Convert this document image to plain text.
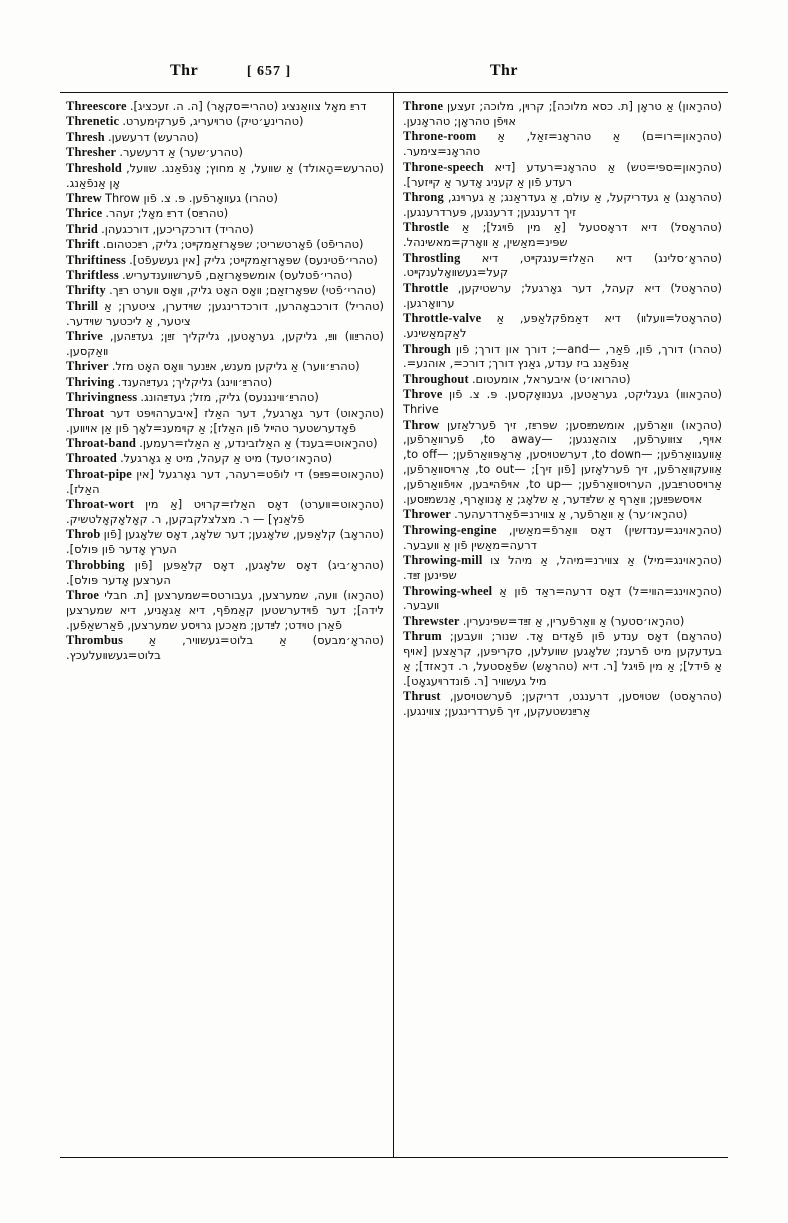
Thr	[ 657 ]	Thr
Threescore דרײַ מאָל צוואַנציג (טהרי=סקאָר) [ה. ה. זעכציג].
Threnetic (טהרינעַ׳טיק) טרױעריג, פֿערקימערט.
Thresh (טהרעש) דרעשען.
Thresher (טהרע׳שער) אַ דרעשער.
Threshold (טהרעש=הָאולד) אַ שװעל, אַ מחוץ; אָנפֿאַנג. שװעל, אָן אַנפֿאַנג.
Threw (טהרו) געװאָרפֿען. פּ. צ. פֿון Throw
Thrice (טהרײַס) דרײַ מאָל; זעהר.
Thrid (טהריד) דורכקריכען, דורכגעהן.
Thrift (טהריפֿט) פֿאָרטשריט; שפּאָרזאַמקײט; גליק, רײַכטהום.
Thriftiness (טהרי׳פֿטינעס) שפּאָרזאַמקײט; גליק [אין געשעפֿט].
Thriftless (טהרי׳פֿטלעס) אומשפּאָרזאַם, פֿערשװענדעריש.
Thrifty (טהרי׳פֿטי) שפּאָרזאַם; װאָס האָט גליק, װאָס װערט רײַך.
Thrill (טהריל) דורכבאָהרען, דורכדרינגען; שױדערן, ציטערן; אַ ציטער, אַ ליכטער שױדער.
Thrive (טהרײַװ) װײַ, גליקען, געראָטען, גליקליך זײַן; געדײַהען, װאַקסען.
Thriver (טהרײַ׳װער) אַ גליקען מענש, אײַנער װאָס האָט מזל.
Thriving (טהרײַ׳װינג) גליקליך; געדײַהענד.
Thrivingness (טהרײַ׳װינגנעס) גליק, מזל; געדײַהונג.
Throat (טהרָאוט) דער גאָרגעל, דער האַלז [איבערהױפּט דער פֿאָדערשטער טהײל פֿון האַלז]; אַ קױמענ=לאָך פֿון אַן אױװען.
Throat-band (טהרָאוט=בענד) אַ האַלזבינדע, אַ האַלז=רעמען.
Throated (טהרָאו׳טעד) מיט אַ קעהל, מיט אַ גאָרגעל.
Throat-pipe (טהרָאוט=פּײַפּ) די לופֿט=רעהר, דער גאָרגעל [אין האַלז].
Throat-wort (טהרָאוט=װערט) דאָס האַלז=קרױט [אַ מין פֿלאַנץ] — ר. מצלצלקבקען, ר. קאָלאָקאָלטשיק.
Throb (טהראָב) קלאַפּען, שלאָגען; דער שלאָג, דאָס שלאָגען [פֿון הערץ אָדער פֿון פּולס].
Throbbing (טהראָ׳ביג) דאָס שלאָגען, דאָס קלאַפּען [פֿון הערצען אָדער פּולס].
Throe (טהרָאו) װעה, שמערצען, געבורטס=שמערצען [ת. חבלי לידה]; דער פֿױדערשטען קאַמפֿף, דיא אַגאָניע, דיא שמערצען פֿאַרן טױדט; לײַדען; מאַכען גרױסע שמערצען, פֿאַרשאַפֿען.
Thrombus (טהראָ׳מבעס) אַ בלוט=געשװיר, אַ בלוט=געשװעלעכץ.
Throne (טהרָאון) אַ טראָן [ת. כסא מלוכה]; קרױן, מלוכה; זעצען אױפֿן טהראָן; טהראָנען.
Throne-room (טהרָאון=רו=ם) אַ טהראָנ=זאַל, אַ טהראָנ=צימער.
Throne-speech (טהרָאון=ספּי=טש) אַ טהראָנ=רעדע [דיא רעדע פֿון אַ קעניג אָדער אַ קײזער].
Throng (טהראָנג) אַ געדריקעל, אַ עולם, אַ געדראַנג; אַ גערױנג, זיך דרענגען; דרענגען, פּערדרענגען.
Throstle (טהראָסל) דיא דראָסטעל [אַ מין פֿױגל]; אַ שפּינ=מאַשין, אַ װאָרק=מאשינהל.
Throstling (טהראָ׳סלינג) דיא האַלז=ענגקײט, דיא קעל=געשװאָלענקײט.
Throttle (טהראָטל) דיא קעהל, דער גאָרגעל; ערשטיקען, ערװאָרגען.
Throttle-valve (טהראָטל=װעלװ) דיא דאַמפֿקלאַפּע, אַ לאַקמאַשינע.
Through (טהרו) דורך, פֿון, פֿאַר, —and—; דורך און דורך; פֿון אַנפֿאַנג ביז ענדע, גאַנץ דורך; דורכ=, אוהנע=.
Throughout (טהרואו׳ט) איבעראל, אומעטום.
Throve (טהרָאוװ) געגליקט, געראַטען, גענװאָקסען. פּ. צ. פֿון Thrive
Throw (טהרָאו) װאַרפֿען, אומשמײַסען; שפּרײַז, זיך פֿערלאַזען אױף, צוּװערפֿען, צוהאַנגען; —to away, פֿערװאַרפֿען, אַװעגװאַרפֿען; —to down, דערשטױסען, אַראָפּװאַרפֿען; —to off, אַװעקװאַרפֿען, זיך פֿערלאָזען [פֿון זיך]; —to out, אַרױסװאַרפֿען, אַרױסטרײַבען, הערױסװאַרפֿען; —to up, אױפֿהײבען, אױפֿװאַרפֿען, אױסשפּײַען; װאַרף אַ שלײַדער, אַ שלאָג; אַ אָנװאָרף, אַנשמײַסען.
Thrower (טהרָאו׳ער) אַ װאַרפֿער, אַ צװירנ=פֿאַרדרעהער.
Throwing-engine (טהרָאוינג=ענדזשין) דאָס װאַרפֿ=מאַשין, דרעה=מאַשין פֿון אַ װעבער.
Throwing-mill (טהרָאוינג=מיל) אַ צװירנ=מיהל, אַ מיהל צו שפּינען זײַד.
Throwing-wheel (טהרָאוינג=הװי=ל) דאָס דרעה=ראַד פֿון אַ װעבער.
Threwster (טהרָאו׳סטער) אַ װאַרפֿערין, אַ זײַד=שפּינערין.
Thrum (טהראָם) דאָס ענדע פֿון פֿאָדים אָד. שנור; װעבען; בעדעקען מיט פֿרענז; שלאָגען שװעלען, סקריפּען, קראַצען [אױף אַ פֿידל]; אַ מין פֿױגל [ר. דיא (טהראָש) שפֿאַסטעל, ר. דרָאזד]; אַ מיל געשװיר [ר. פֿונדרױעגאָט].
Thrust (טהראָסט) שטױסען, דרענגט, דריקען; פֿערשטױסען, אַרײַנשטעקען, זיך פֿערדרינגען; צװינגען.
